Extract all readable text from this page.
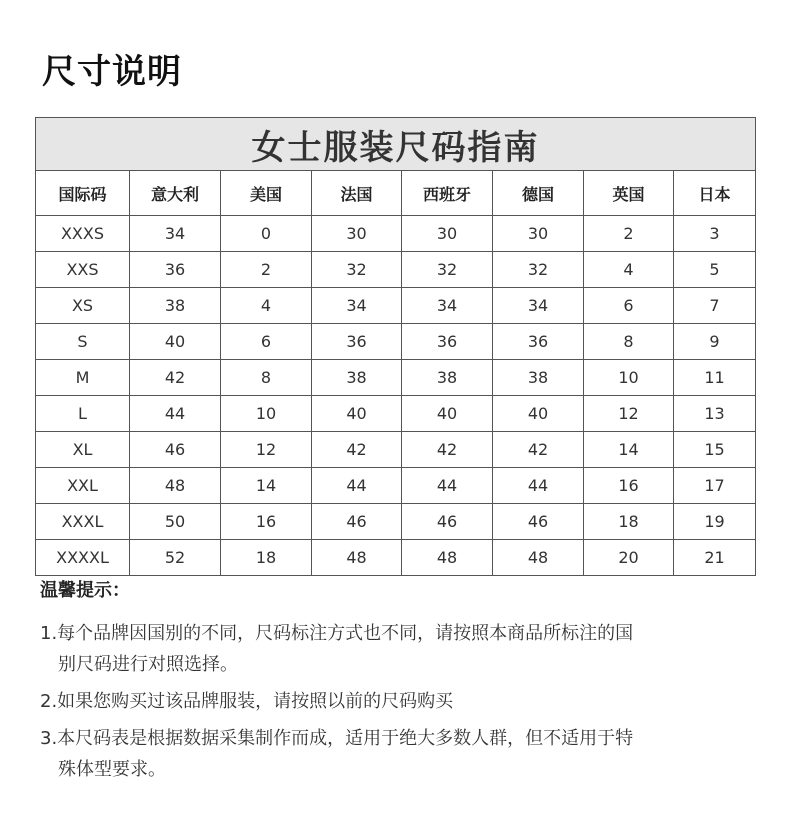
尺寸说明
女士服装尺码指南							
国际码	意大利	美国	法国	西班牙	德国	英国	日本
XXXS	34	0	30	30	30	2	3
XXS	36	2	32	32	32	4	5
XS	38	4	34	34	34	6	7
S	40	6	36	36	36	8	9
M	42	8	38	38	38	10	11
L	44	10	40	40	40	12	13
XL	46	12	42	42	42	14	15
XXL	48	14	44	44	44	16	17
XXXL	50	16	46	46	46	18	19
XXXXL	52	18	48	48	48	20	21
温馨提示：
1.每个品牌因国别的不同，尺码标注方式也不同，请按照本商品所标注的国
别尺码进行对照选择。
2.如果您购买过该品牌服装，请按照以前的尺码购买
3.本尺码表是根据数据采集制作而成，适用于绝大多数人群，但不适用于特
殊体型要求。
